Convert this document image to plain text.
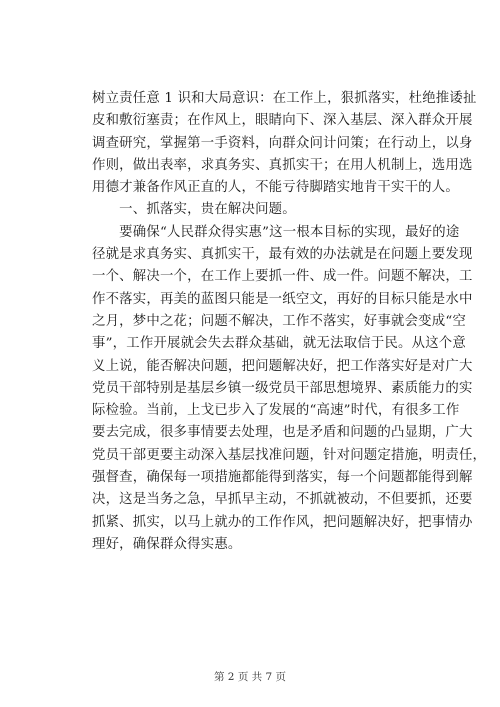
树立责任意 1 识和大局意识：在工作上，狠抓落实，杜绝推诿扯
皮和敷衍塞责；在作风上，眼睛向下、深入基层、深入群众开展
调查研究，掌握第一手资料，向群众问计问策；在行动上，以身
作则，做出表率，求真务实、真抓实干；在用人机制上，选用选
用德才兼备作风正直的人，不能亏待脚踏实地肯干实干的人。
　　一、抓落实，贵在解决问题。
　　要确保“人民群众得实惠”这一根本目标的实现，最好的途
径就是求真务实、真抓实干，最有效的办法就是在问题上要发现
一个、解决一个，在工作上要抓一件、成一件。问题不解决，工
作不落实，再美的蓝图只能是一纸空文，再好的目标只能是水中
之月，梦中之花；问题不解决，工作不落实，好事就会变成“空
事”，工作开展就会失去群众基础，就无法取信于民。从这个意
义上说，能否解决问题，把问题解决好，把工作落实好是对广大
党员干部特别是基层乡镇一级党员干部思想境界、素质能力的实
际检验。当前，上戈已步入了发展的“高速”时代，有很多工作
要去完成，很多事情要去处理，也是矛盾和问题的凸显期，广大
党员干部更要主动深入基层找准问题，针对问题定措施，明责任，
强督查，确保每一项措施都能得到落实，每一个问题都能得到解
决，这是当务之急，早抓早主动，不抓就被动，不但要抓，还要
抓紧、抓实，以马上就办的工作作风，把问题解决好，把事情办
理好，确保群众得实惠。
第 2 页 共 7 页
